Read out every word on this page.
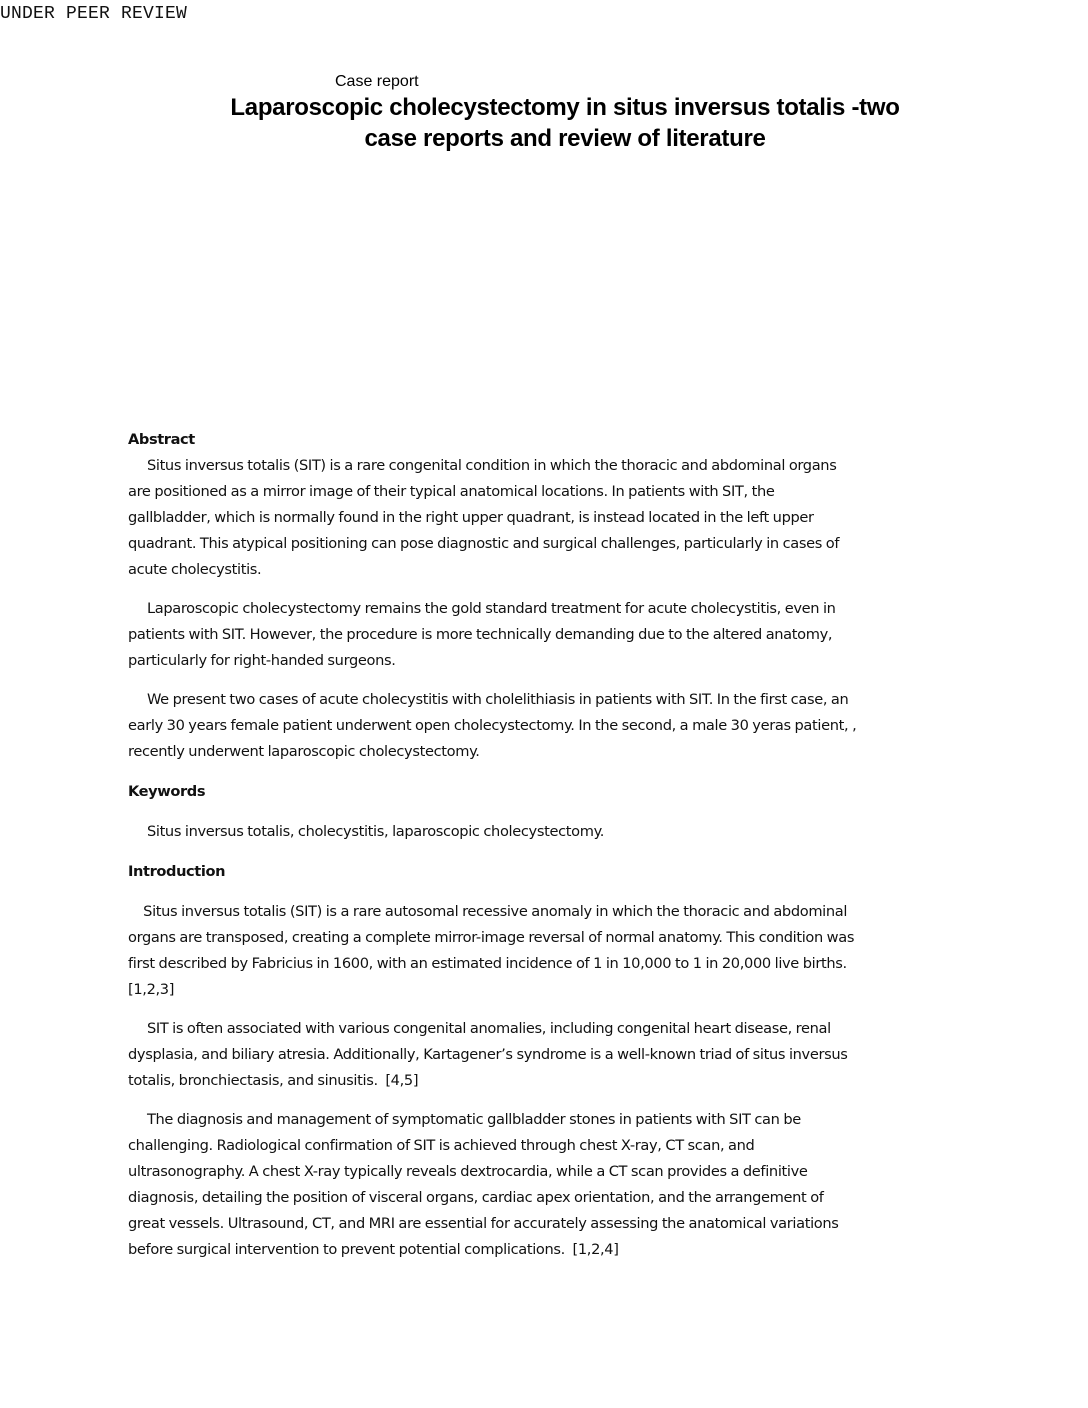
UNDER PEER REVIEW
Case report
Laparoscopic cholecystectomy in situs inversus totalis -two
case reports and review of literature
Abstract
Situs inversus totalis (SIT) is a rare congenital condition in which the thoracic and abdominal organs
are positioned as a mirror image of their typical anatomical locations. In patients with SIT, the
gallbladder, which is normally found in the right upper quadrant, is instead located in the left upper
quadrant. This atypical positioning can pose diagnostic and surgical challenges, particularly in cases of
acute cholecystitis.
Laparoscopic cholecystectomy remains the gold standard treatment for acute cholecystitis, even in
patients with SIT. However, the procedure is more technically demanding due to the altered anatomy,
particularly for right-handed surgeons.
We present two cases of acute cholecystitis with cholelithiasis in patients with SIT. In the first case, an
early 30 years female patient underwent open cholecystectomy. In the second, a male 30 yeras patient, ,
recently underwent laparoscopic cholecystectomy.
Keywords
Situs inversus totalis, cholecystitis, laparoscopic cholecystectomy.
Introduction
Situs inversus totalis (SIT) is a rare autosomal recessive anomaly in which the thoracic and abdominal
organs are transposed, creating a complete mirror-image reversal of normal anatomy. This condition was
first described by Fabricius in 1600, with an estimated incidence of 1 in 10,000 to 1 in 20,000 live births.
[1,2,3]
SIT is often associated with various congenital anomalies, including congenital heart disease, renal
dysplasia, and biliary atresia. Additionally, Kartagener’s syndrome is a well-known triad of situs inversus
totalis, bronchiectasis, and sinusitis.  [4,5]
The diagnosis and management of symptomatic gallbladder stones in patients with SIT can be
challenging. Radiological confirmation of SIT is achieved through chest X-ray, CT scan, and
ultrasonography. A chest X-ray typically reveals dextrocardia, while a CT scan provides a definitive
diagnosis, detailing the position of visceral organs, cardiac apex orientation, and the arrangement of
great vessels. Ultrasound, CT, and MRI are essential for accurately assessing the anatomical variations
before surgical intervention to prevent potential complications.  [1,2,4]
